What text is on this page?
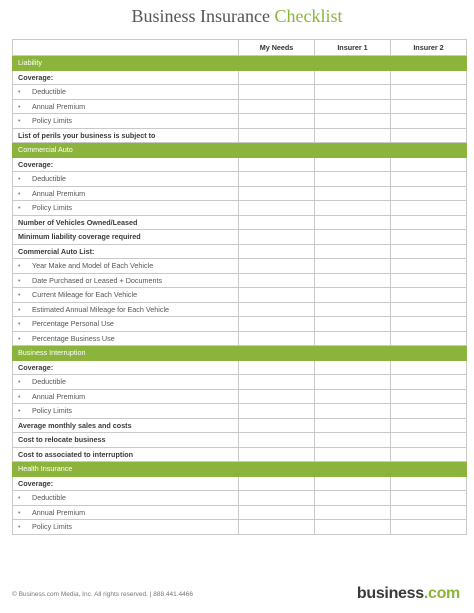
Business Insurance Checklist
	My Needs	Insurer 1	Insurer 2
Liability			
Coverage:			
• Deductible			
• Annual Premium			
• Policy Limits			
List of perils your business is subject to			
Commercial Auto			
Coverage:			
• Deductible			
• Annual Premium			
• Policy Limits			
Number of Vehicles Owned/Leased			
Minimum liability coverage required			
Commercial Auto List:			
• Year Make and Model of Each Vehicle			
• Date Purchased or Leased + Documents			
• Current Mileage for Each Vehicle			
• Estimated Annual Mileage for Each Vehicle			
• Percentage Personal Use			
• Percentage Business Use			
Business Interruption			
Coverage:			
• Deductible			
• Annual Premium			
• Policy Limits			
Average monthly sales and costs			
Cost to relocate business			
Cost to associated to interruption			
Health Insurance			
Coverage:			
• Deductible			
• Annual Premium			
• Policy Limits			
© Business.com Media, Inc. All rights reserved. | 888.441.4466	business.com
